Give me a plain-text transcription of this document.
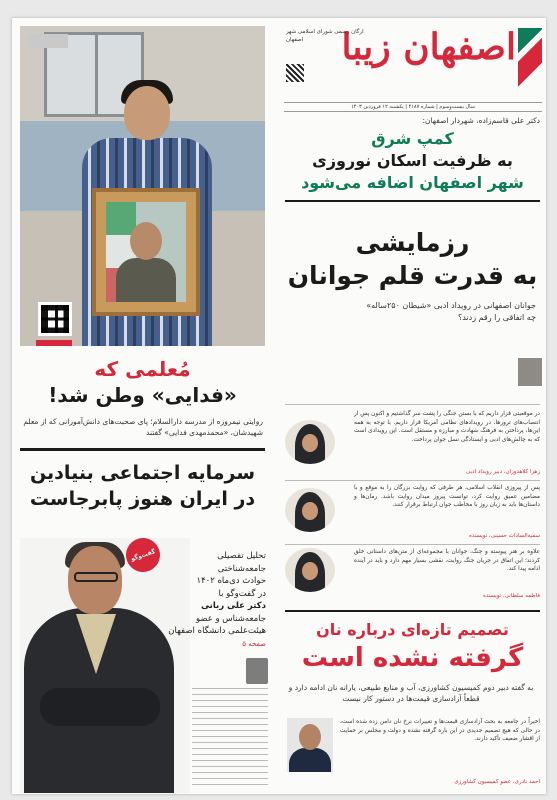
مُعلمی که
«فدایی» وطن شد!
روایتی نیمروزه از مدرسه دارالسلام؛ پای صحبت‌های دانش‌آموزانی که از معلم شهیدشان، «محمدمهدی فدایی» گفتند
سرمایه اجتماعی بنیادین
در ایران هنوز پابرجاست
گفت‌وگو	تحلیل تفصیلی
جامعه‌شناختی
حوادث دی‌ماه ۱۴۰۲
در گفت‌وگو با
دکتر علی ربانی
جامعه‌شناس و عضو
هیئت‌علمی دانشگاه اصفهان
صفحه ۵
اصفهان زیبا
ارگان رسمی شورای اسلامی شهر اصفهان
سال بیست‌وسوم | شماره ۴۱۸۷ | یکشنبه ۱۲ فروردین ۱۴۰۳
دکتر علی قاسم‌زاده، شهردار اصفهان:
کمپ شرق
به ظرفیت اسکان نوروزی
شهر اصفهان اضافه می‌شود
رزمایشی
به قدرت قلم جوانان
جوانان اصفهانی در رویداد ادبی «شیطان ۲۵۰ساله»
چه اتفاقی را رقم زدند؟
در موقعیتی قرار داریم که با بستن جنگی را پشت سر گذاشتیم و اکنون پس از انتصاب‌های ترور‌ها، در رویدادهای نظامی آمریکا قرار داریم. با توجه به همه این‌ها، پرداختن به فرهنگ شهادت و مبارزه و مستقل است. این رویدادی است که به چالش‌های ادبی و ایستادگی نسل جوان پرداخت.
زهرا کلاهدوزان، دبیر رویداد ادبی
پس از پیروزی انقلاب اسلامی، هر طرفی که روایت بزرگان را به موقع و با مضامین عمیق روایت کرد، توانست پیروز میدان روایت باشد. رمان‌ها و داستان‌ها باید به زبان روز با مخاطب جوان ارتباط برقرار کنند.
سمیه‌السادات حسینی، نویسنده
علاوه بر هنر پیوسته و جنگ، جوانان با مجموعه‌ای از متن‌های داستانی خلق کردند؛ این اتفاق در جریان جنگ روایت، نقشی بسیار مهم دارد و باید در آینده ادامه پیدا کند.
فاطمه سلطانی، نویسنده
تصمیم تازه‌ای درباره نان
گرفته نشده است
به گفته دبیر دوم کمیسیون کشاورزی، آب و منابع طبیعی، یارانه نان ادامه دارد و قطعاً آزادسازی قیمت‌ها در دستور کار نیست
اخیراً در جامعه به بحث آزادسازی قیمت‌ها و تغییرات نرخ نان دامن زده شده است، در حالی که هیچ تصمیم جدیدی در این باره گرفته نشده و دولت و مجلس بر حمایت از اقشار ضعیف تأکید دارند.
احمد نادری، عضو کمیسیون کشاورزی
